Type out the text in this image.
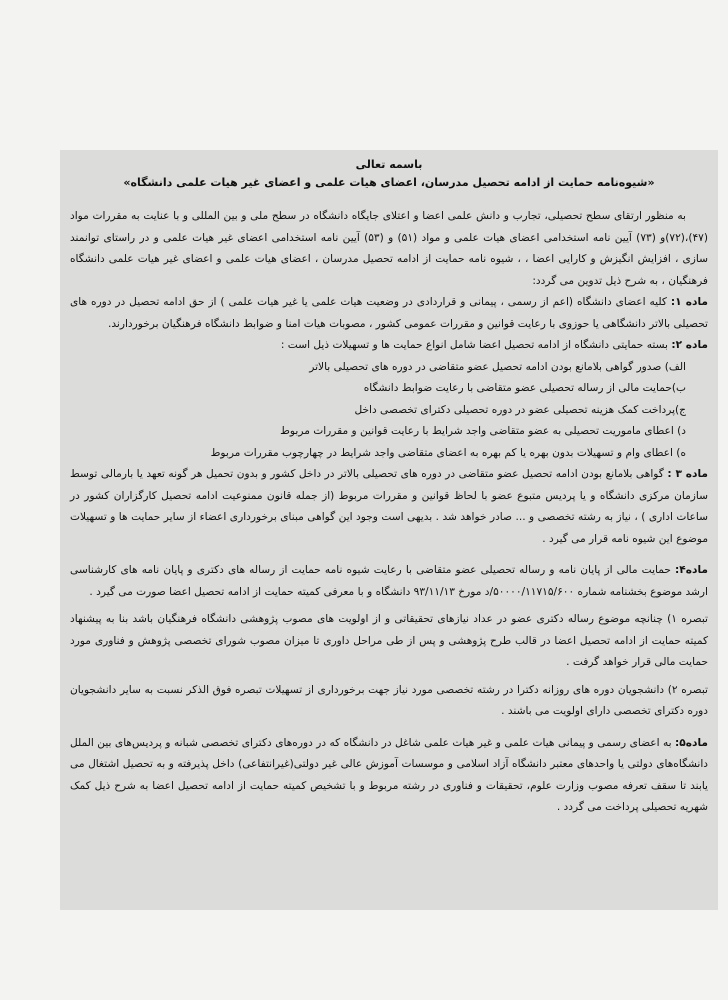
باسمه تعالی
«شیوه‌نامه حمایت از ادامه تحصیل مدرسان، اعضای هیات علمی و اعضای غیر هیات علمی دانشگاه»

به منظور ارتقای سطح تحصیلی، تجارب و دانش علمی اعضا و اعتلای جایگاه دانشگاه در سطح ملی و بین المللی و با عنایت به مقررات مواد (۴۷)،(۷۲)و (۷۳) آیین نامه استخدامی اعضای هیات علمی و مواد (۵۱) و (۵۳) آیین نامه استخدامی اعضای غیر هیات علمی و در راستای توانمند سازی ، افزایش انگیزش و کارایی اعضا ، ، شیوه نامه حمایت از ادامه تحصیل مدرسان ، اعضای هیات علمی و اعضای غیر هیات علمی دانشگاه فرهنگیان ، به شرح ذیل تدوین می گردد:

ماده ۱: کلیه اعضای دانشگاه (اعم از رسمی ، پیمانی و قراردادی در وضعیت هیات علمی یا غیر هیات علمی ) از حق ادامه تحصیل در دوره های تحصیلی بالاتر دانشگاهی یا حوزوی با رعایت قوانین و مقررات عمومی کشور ، مصوبات هیات امنا و ضوابط دانشگاه فرهنگیان برخوردارند.

ماده ۲: بسته حمایتی دانشگاه از ادامه تحصیل اعضا شامل انواع حمایت ها و تسهیلات ذیل است :

الف) صدور گواهی بلامانع بودن ادامه تحصیل عضو متقاضی در دوره های تحصیلی بالاتر

ب)حمایت مالی از رساله تحصیلی عضو متقاضی با رعایت ضوابط دانشگاه

ج)پرداخت کمک هزینه تحصیلی عضو در دوره تحصیلی دکترای تخصصی داخل

د) اعطای ماموریت تحصیلی به عضو متقاضی واجد شرایط با رعایت قوانین و مقررات مربوط

ه) اعطای وام و تسهیلات بدون بهره یا کم بهره به اعضای متقاضی واجد شرایط در چهارچوب مقررات مربوط

ماده ۳ : گواهی بلامانع بودن ادامه تحصیل عضو متقاضی در دوره های تحصیلی بالاتر در داخل کشور و بدون تحمیل هر گونه تعهد یا بارمالی توسط سازمان مرکزی دانشگاه و یا پردیس متبوع عضو با لحاظ قوانین و مقررات مربوط (از جمله قانون ممنوعیت ادامه تحصیل کارگزاران کشور در ساعات اداری ) ، نیاز به رشته تخصصی و ... صادر خواهد شد . بدیهی است وجود این گواهی مبنای برخورداری اعضاء از سایر حمایت ها و تسهیلات موضوع این شیوه نامه قرار می گیرد .

ماده۴: حمایت مالی از پایان نامه و رساله تحصیلی عضو متقاضی با رعایت شیوه نامه حمایت از رساله های دکتری و پایان نامه های کارشناسی ارشد موضوع بخشنامه شماره ۵۰۰۰۰/۱۱۷۱۵/۶۰۰/د مورخ ۹۳/۱۱/۱۳ دانشگاه و با معرفی کمیته حمایت از ادامه تحصیل اعضا صورت می گیرد .

تبصره ۱) چنانچه موضوع رساله دکتری عضو در عداد نیازهای تحقیقاتی و از اولویت های مصوب پژوهشی دانشگاه فرهنگیان باشد بنا به پیشنهاد کمیته حمایت از ادامه تحصیل اعضا در قالب طرح پژوهشی و پس از طی مراحل داوری تا میزان مصوب شورای تخصصی پژوهش و فناوری مورد حمایت مالی قرار خواهد گرفت .

تبصره ۲) دانشجویان دوره های روزانه دکترا در رشته تخصصی مورد نیاز جهت برخورداری از تسهیلات تبصره فوق الذکر نسبت به سایر دانشجویان دوره دکترای تخصصی دارای اولویت می باشند .

ماده۵: به اعضای رسمی و پیمانی هیات علمی و غیر هیات علمی شاغل در دانشگاه که در دوره‌های دکترای تخصصی شبانه و پردیس‌های بین الملل دانشگاه‌های دولتی یا واحدهای معتبر دانشگاه آزاد اسلامی و موسسات آموزش عالی غیر دولتی(غیرانتفاعی) داخل پذیرفته و به تحصیل اشتغال می یابند تا سقف تعرفه مصوب وزارت علوم، تحقیقات و فناوری در رشته مربوط و با تشخیص کمیته حمایت از ادامه تحصیل اعضا به شرح ذیل کمک شهریه تحصیلی پرداخت می گردد .
